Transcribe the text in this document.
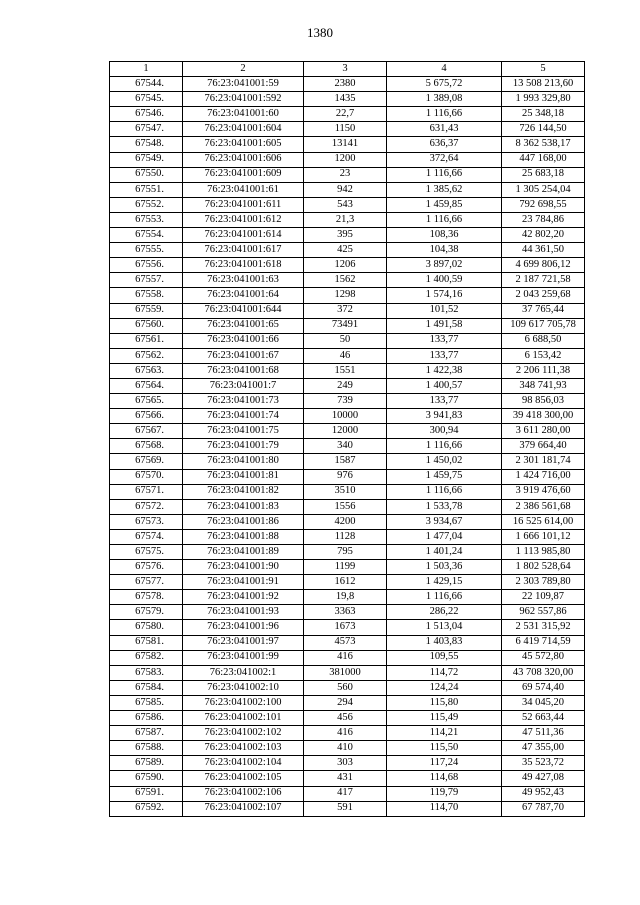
1380
1	2	3	4	5
67544.	76:23:041001:59	2380	5 675,72	13 508 213,60
67545.	76:23:041001:592	1435	1 389,08	1 993 329,80
67546.	76:23:041001:60	22,7	1 116,66	25 348,18
67547.	76:23:041001:604	1150	631,43	726 144,50
67548.	76:23:041001:605	13141	636,37	8 362 538,17
67549.	76:23:041001:606	1200	372,64	447 168,00
67550.	76:23:041001:609	23	1 116,66	25 683,18
67551.	76:23:041001:61	942	1 385,62	1 305 254,04
67552.	76:23:041001:611	543	1 459,85	792 698,55
67553.	76:23:041001:612	21,3	1 116,66	23 784,86
67554.	76:23:041001:614	395	108,36	42 802,20
67555.	76:23:041001:617	425	104,38	44 361,50
67556.	76:23:041001:618	1206	3 897,02	4 699 806,12
67557.	76:23:041001:63	1562	1 400,59	2 187 721,58
67558.	76:23:041001:64	1298	1 574,16	2 043 259,68
67559.	76:23:041001:644	372	101,52	37 765,44
67560.	76:23:041001:65	73491	1 491,58	109 617 705,78
67561.	76:23:041001:66	50	133,77	6 688,50
67562.	76:23:041001:67	46	133,77	6 153,42
67563.	76:23:041001:68	1551	1 422,38	2 206 111,38
67564.	76:23:041001:7	249	1 400,57	348 741,93
67565.	76:23:041001:73	739	133,77	98 856,03
67566.	76:23:041001:74	10000	3 941,83	39 418 300,00
67567.	76:23:041001:75	12000	300,94	3 611 280,00
67568.	76:23:041001:79	340	1 116,66	379 664,40
67569.	76:23:041001:80	1587	1 450,02	2 301 181,74
67570.	76:23:041001:81	976	1 459,75	1 424 716,00
67571.	76:23:041001:82	3510	1 116,66	3 919 476,60
67572.	76:23:041001:83	1556	1 533,78	2 386 561,68
67573.	76:23:041001:86	4200	3 934,67	16 525 614,00
67574.	76:23:041001:88	1128	1 477,04	1 666 101,12
67575.	76:23:041001:89	795	1 401,24	1 113 985,80
67576.	76:23:041001:90	1199	1 503,36	1 802 528,64
67577.	76:23:041001:91	1612	1 429,15	2 303 789,80
67578.	76:23:041001:92	19,8	1 116,66	22 109,87
67579.	76:23:041001:93	3363	286,22	962 557,86
67580.	76:23:041001:96	1673	1 513,04	2 531 315,92
67581.	76:23:041001:97	4573	1 403,83	6 419 714,59
67582.	76:23:041001:99	416	109,55	45 572,80
67583.	76:23:041002:1	381000	114,72	43 708 320,00
67584.	76:23:041002:10	560	124,24	69 574,40
67585.	76:23:041002:100	294	115,80	34 045,20
67586.	76:23:041002:101	456	115,49	52 663,44
67587.	76:23:041002:102	416	114,21	47 511,36
67588.	76:23:041002:103	410	115,50	47 355,00
67589.	76:23:041002:104	303	117,24	35 523,72
67590.	76:23:041002:105	431	114,68	49 427,08
67591.	76:23:041002:106	417	119,79	49 952,43
67592.	76:23:041002:107	591	114,70	67 787,70
